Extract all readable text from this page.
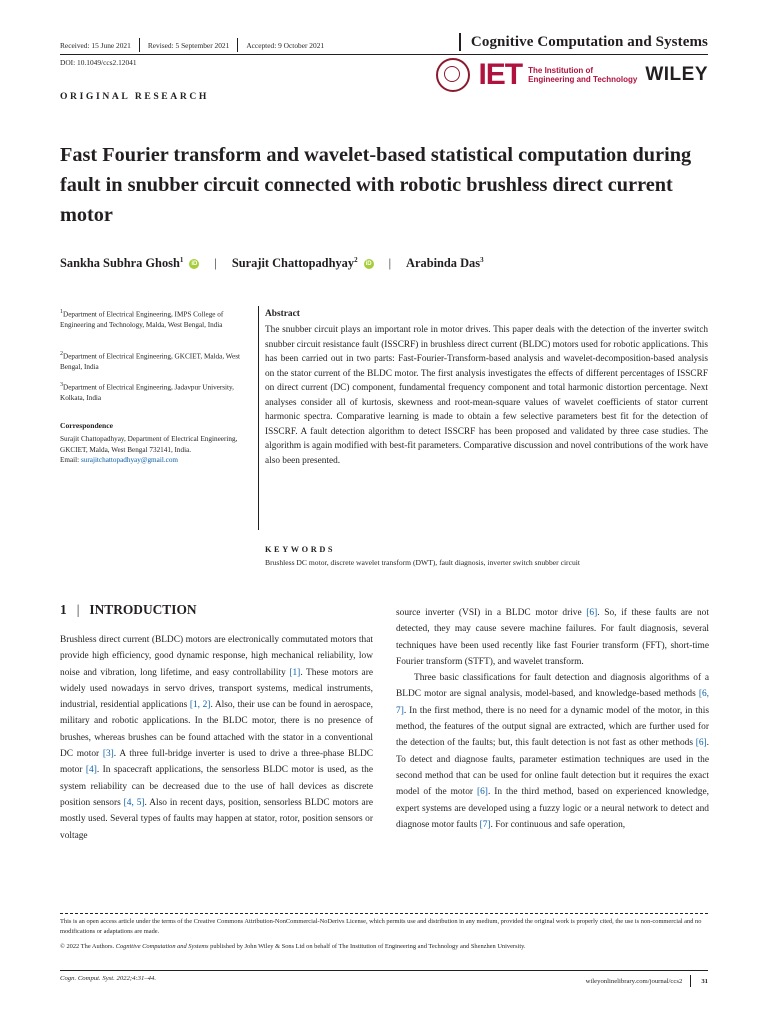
Received: 15 June 2021 Revised: 5 September 2021 Accepted: 9 October 2021	Cognitive Computation and Systems
DOI: 10.1049/ccs2.12041
ORIGINAL RESEARCH
IET The Institution of
Engineering and Technology WILEY
Fast Fourier transform and wavelet-based statistical computation during fault in snubber circuit connected with robotic brushless direct current motor
Sankha Subhra Ghosh$^1$	iD | Surajit Chattopadhyay$^2$	iD | Arabinda Das$^3$
$^1$Department of Electrical Engineering, IMPS College of Engineering and Technology, Malda, West Bengal, India
$^2$Department of Electrical Engineering, GKCIET, Malda, West Bengal, India
$^3$Department of Electrical Engineering, Jadavpur University, Kolkata, India
Correspondence
Surajit Chattopadhyay, Department of Electrical Engineering, GKCIET, Malda, West Bengal 732141, India.
Email: surajitchattopadhyay@gmail.com
Abstract
The snubber circuit plays an important role in motor drives. This paper deals with the detection of the inverter switch snubber circuit resistance fault (ISSCRF) in brushless direct current (BLDC) motors used for robotic applications. This has been carried out in two parts: Fast-Fourier-Transform-based analysis and wavelet-decomposition-based analysis on the stator current of the BLDC motor. The first analysis investigates the effects of different percentages of ISSCRF on direct current (DC) component, fundamental frequency component and total harmonic distortion percentage. Next analyses consider all of kurtosis, skewness and root-mean-square values of wavelet coefficients of stator current harmonic spectra. Comparative learning is made to obtain a few selective parameters best fit for the detection of ISSCRF. A fault detection algorithm to detect ISSCRF has been proposed and validated by three case studies. The algorithm is again modified with best-fit parameters. Comparative discussion and novel contributions of the work have also been presented.
KEYWORDS
Brushless DC motor, discrete wavelet transform (DWT), fault diagnosis, inverter switch snubber circuit
1 | INTRODUCTION

Brushless direct current (BLDC) motors are electronically commutated motors that provide high efficiency, good dynamic response, high mechanical reliability, low noise and vibration, long lifetime, and easy controllability [1]. These motors are widely used nowadays in servo drives, transport systems, medical instruments, industrial, residential applications [1, 2]. Also, their use can be found in aerospace, military and robotic applications. In the BLDC motor, there is no presence of brushes, whereas brushes can be found attached with the stator in a conventional DC motor [3]. A three full-bridge inverter is used to drive a three-phase BLDC motor [4]. In spacecraft applications, the sensorless BLDC motor is used, as the system reliability can be decreased due to the use of hall devices as discrete position sensors [4, 5]. Also in recent days, position, sensorless BLDC motors are mostly used. Several types of faults may happen at stator, rotor, position sensors or voltage

source inverter (VSI) in a BLDC motor drive [6]. So, if these faults are not detected, they may cause severe machine failures. For fault diagnosis, several techniques have been used recently like fast Fourier transform (FFT), short-time Fourier transform (STFT), and wavelet transform.

Three basic classifications for fault detection and diagnosis algorithms of a BLDC motor are signal analysis, model-based, and knowledge-based methods [6, 7]. In the first method, there is no need for a dynamic model of the motor, in this method, the features of the output signal are extracted, which are further used for the detection of the faults; but, this fault detection is not fast as other methods [6]. To detect and diagnose faults, parameter estimation techniques are used in the second method that can be used for online fault detection but it requires the exact model of the motor [6]. In the third method, based on experienced knowledge, expert systems are developed using a fuzzy logic or a neural network to detect and diagnose motor faults [7]. For continuous and safe operation,

This is an open access article under the terms of the Creative Commons Attribution-NonCommercial-NoDerivs License, which permits use and distribution in any medium, provided the original work is properly cited, the use is non-commercial and no modifications or adaptations are made.
© 2022 The Authors. Cognitive Computation and Systems published by John Wiley & Sons Ltd on behalf of The Institution of Engineering and Technology and Shenzhen University.
Cogn. Comput. Syst. 2022;4:31–44.	wileyonlinelibrary.com/journal/ccs2	31
